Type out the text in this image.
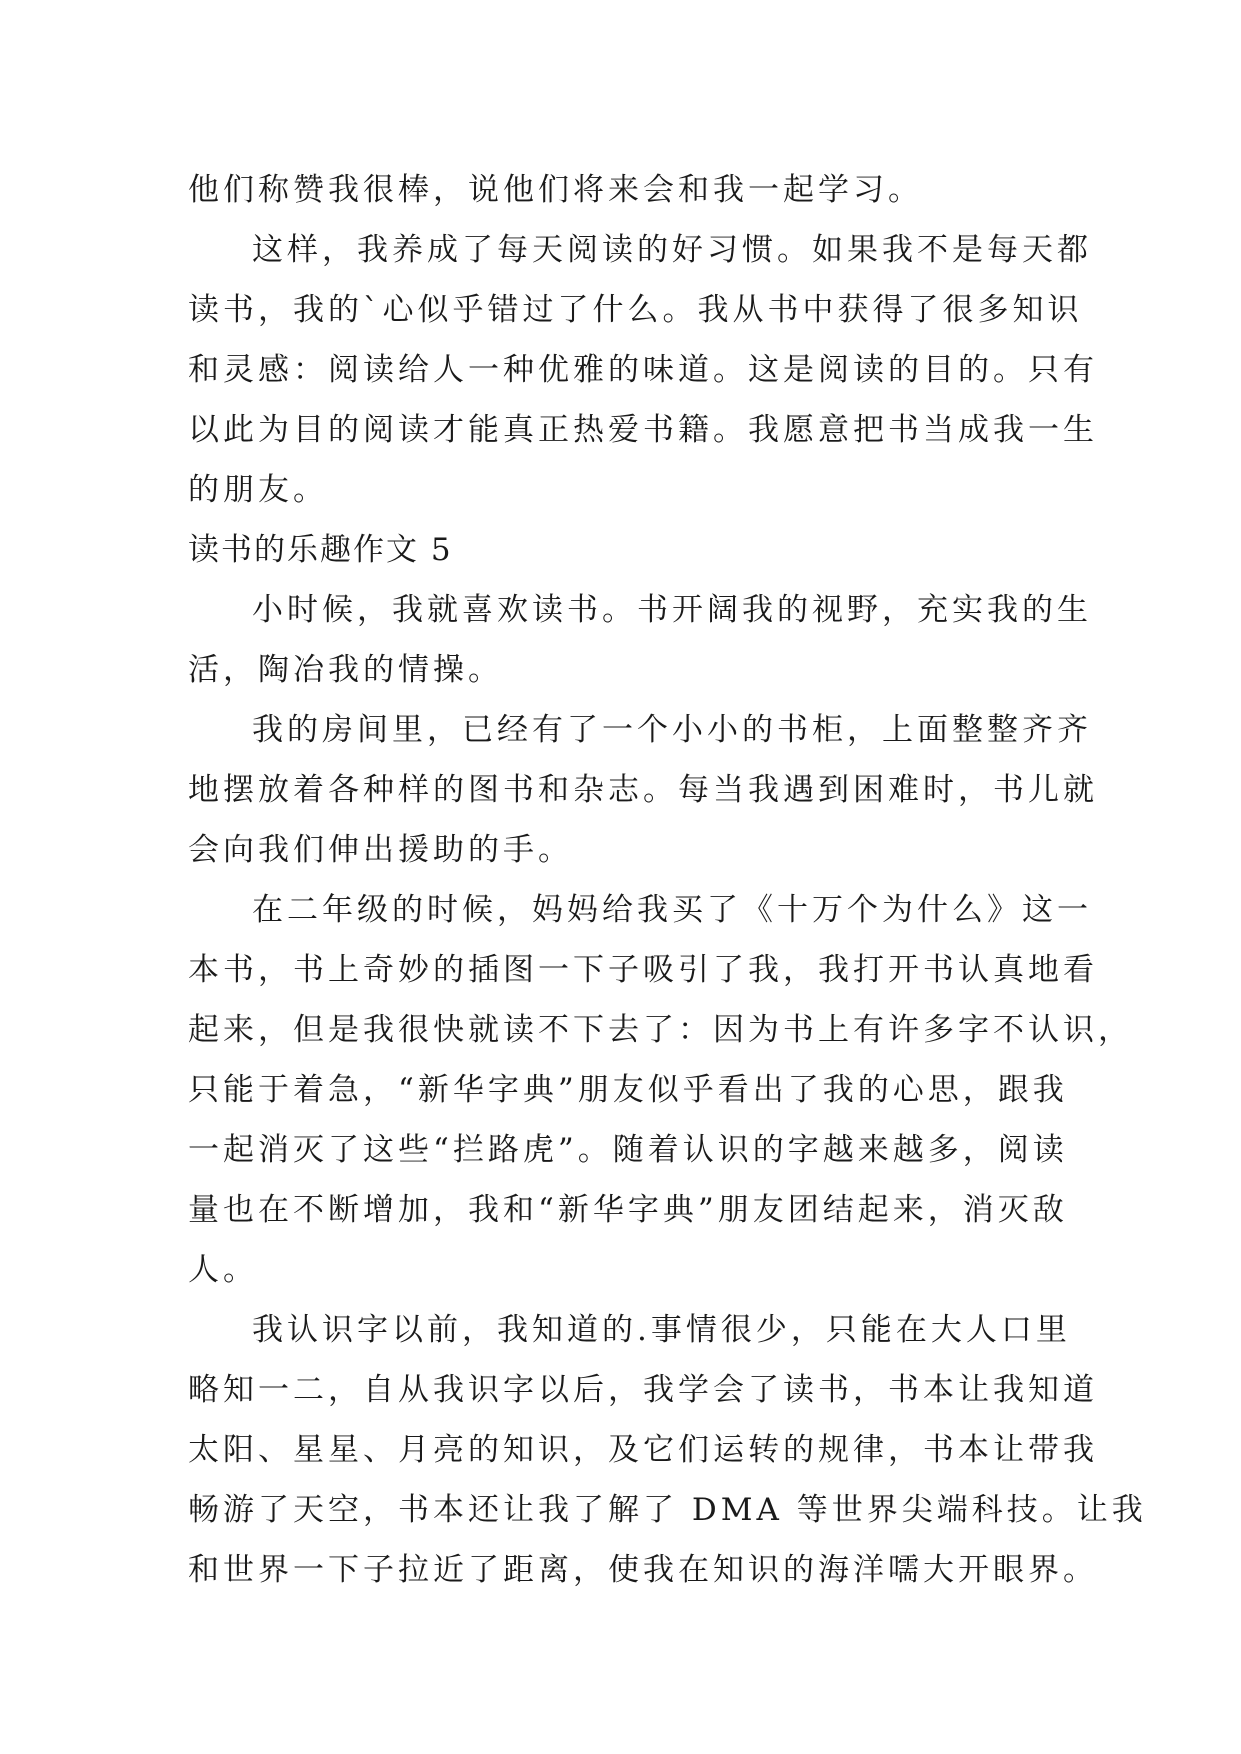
他们称赞我很棒，说他们将来会和我一起学习。
这样，我养成了每天阅读的好习惯。如果我不是每天都
读书，我的`心似乎错过了什么。我从书中获得了很多知识
和灵感：阅读给人一种优雅的味道。这是阅读的目的。只有
以此为目的阅读才能真正热爱书籍。我愿意把书当成我一生
的朋友。
读书的乐趣作文 5
小时候，我就喜欢读书。书开阔我的视野，充实我的生
活，陶冶我的情操。
我的房间里，已经有了一个小小的书柜，上面整整齐齐
地摆放着各种样的图书和杂志。每当我遇到困难时，书儿就
会向我们伸出援助的手。
在二年级的时候，妈妈给我买了《十万个为什么》这一
本书，书上奇妙的插图一下子吸引了我，我打开书认真地看
起来，但是我很快就读不下去了：因为书上有许多字不认识，
只能于着急，“新华字典”朋友似乎看出了我的心思，跟我
一起消灭了这些“拦路虎”。随着认识的字越来越多，阅读
量也在不断增加，我和“新华字典”朋友团结起来，消灭敌
人。
我认识字以前，我知道的.事情很少，只能在大人口里
略知一二，自从我识字以后，我学会了读书，书本让我知道
太阳、星星、月亮的知识，及它们运转的规律，书本让带我
畅游了天空，书本还让我了解了 DMA 等世界尖端科技。让我
和世界一下子拉近了距离，使我在知识的海洋嚅大开眼界。
